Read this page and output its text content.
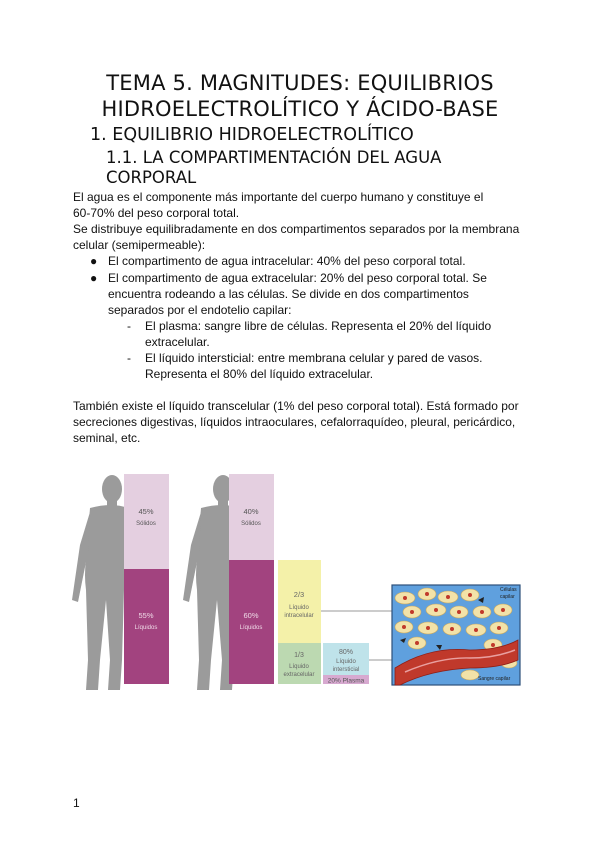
TEMA 5. MAGNITUDES: EQUILIBRIOS
HIDROELECTROLÍTICO Y ÁCIDO-BASE
1. EQUILIBRIO HIDROELECTROLÍTICO
1.1. LA COMPARTIMENTACIÓN DEL AGUA
CORPORAL
El agua es el componente más importante del cuerpo humano y constituye el
60-70% del peso corporal total.
Se distribuye equilibradamente en dos compartimentos separados por la membrana
celular (semipermeable):
● El compartimento de agua intracelular: 40% del peso corporal total.
● El compartimento de agua extracelular: 20% del peso corporal total. Se
encuentra rodeando a las células. Se divide en dos compartimentos
separados por el endotelio capilar:
- El plasma: sangre libre de células. Representa el 20% del líquido
extracelular.
- El líquido intersticial: entre membrana celular y pared de vasos.
Representa el 80% del líquido extracelular.
También existe el líquido transcelular (1% del peso corporal total). Está formado por
secreciones digestivas, líquidos intraoculares, cefalorraquídeo, pleural, pericárdico,
seminal, etc.
45%
Sólidos
55%
Líquidos
40%
Sólidos
60%
Líquidos
2/3
Líquido
intracelular
1/3
Líquido
extracelular
80%
Líquido
intersticial
20% Plasma
Células
capilar
Sangre capilar
1
